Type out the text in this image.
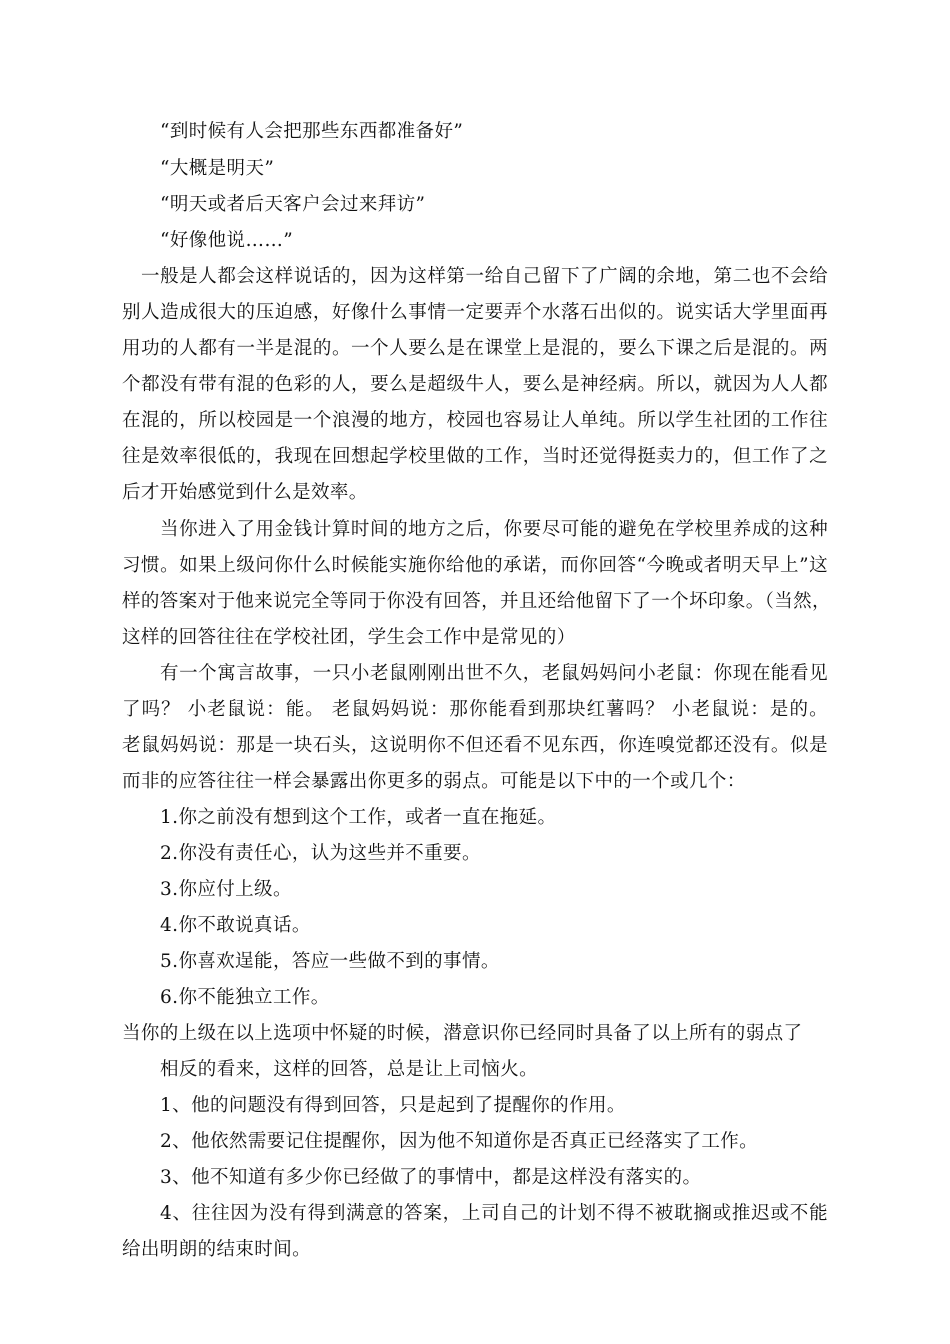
“到时候有人会把那些东西都准备好”
“大概是明天”
“明天或者后天客户会过来拜访”
“好像他说……”
一般是人都会这样说话的，因为这样第一给自己留下了广阔的余地，第二也不会给
别人造成很大的压迫感，好像什么事情一定要弄个水落石出似的。说实话大学里面再
用功的人都有一半是混的。一个人要么是在课堂上是混的，要么下课之后是混的。两
个都没有带有混的色彩的人，要么是超级牛人，要么是神经病。所以，就因为人人都
在混的，所以校园是一个浪漫的地方，校园也容易让人单纯。所以学生社团的工作往
往是效率很低的，我现在回想起学校里做的工作，当时还觉得挺卖力的，但工作了之
后才开始感觉到什么是效率。
当你进入了用金钱计算时间的地方之后，你要尽可能的避免在学校里养成的这种
习惯。如果上级问你什么时候能实施你给他的承诺，而你回答“今晚或者明天早上”这
样的答案对于他来说完全等同于你没有回答，并且还给他留下了一个坏印象。（当然，
这样的回答往往在学校社团，学生会工作中是常见的）
有一个寓言故事，一只小老鼠刚刚出世不久，老鼠妈妈问小老鼠：你现在能看见
了吗？ 小老鼠说：能。 老鼠妈妈说：那你能看到那块红薯吗？ 小老鼠说：是的。
老鼠妈妈说：那是一块石头，这说明你不但还看不见东西，你连嗅觉都还没有。似是
而非的应答往往一样会暴露出你更多的弱点。可能是以下中的一个或几个：
1.你之前没有想到这个工作，或者一直在拖延。
2.你没有责任心，认为这些并不重要。
3.你应付上级。
4.你不敢说真话。
5.你喜欢逞能，答应一些做不到的事情。
6.你不能独立工作。
当你的上级在以上选项中怀疑的时候，潜意识你已经同时具备了以上所有的弱点了
相反的看来，这样的回答，总是让上司恼火。
1、他的问题没有得到回答，只是起到了提醒你的作用。
2、他依然需要记住提醒你，因为他不知道你是否真正已经落实了工作。
3、他不知道有多少你已经做了的事情中，都是这样没有落实的。
4、往往因为没有得到满意的答案，上司自己的计划不得不被耽搁或推迟或不能
给出明朗的结束时间。
